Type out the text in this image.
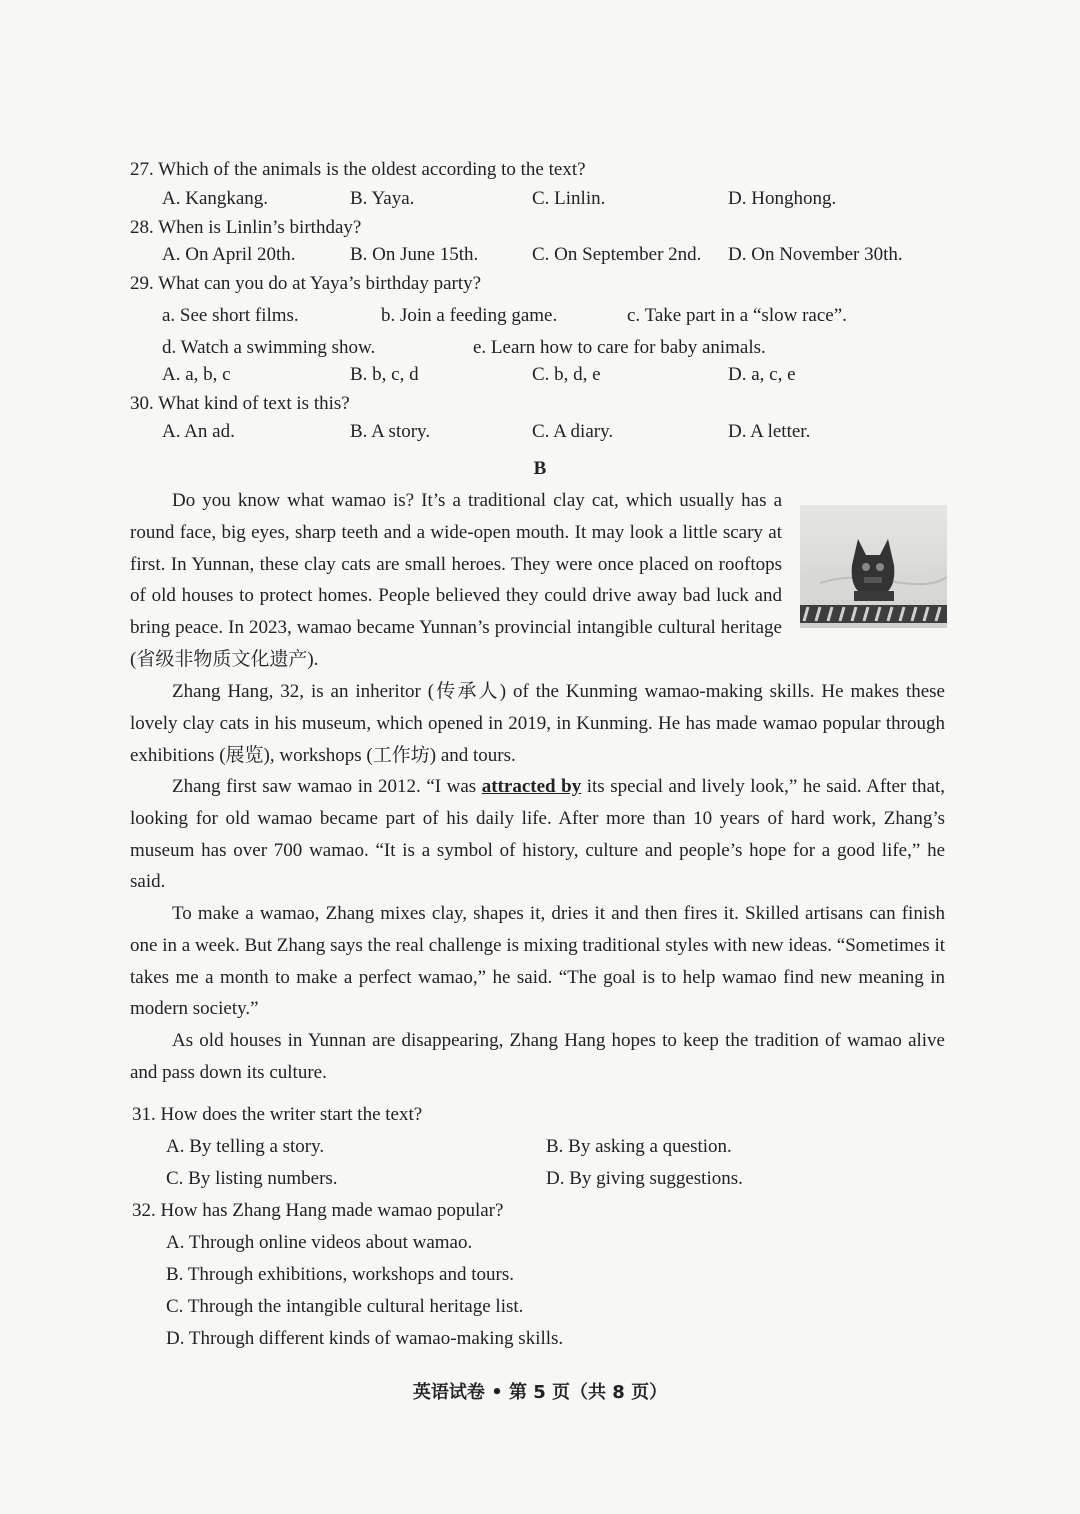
27. Which of the animals is the oldest according to the text?
A. Kangkang.	B. Yaya.	C. Linlin.	D. Honghong.
28. When is Linlin’s birthday?
A. On April 20th.	B. On June 15th.	C. On September 2nd. D. On November 30th.
29. What can you do at Yaya’s birthday party?
a. See short films.	b. Join a feeding game.	c. Take part in a “slow race”.
d. Watch a swimming show.	e. Learn how to care for baby animals.
A. a, b, c	B. b, c, d	C. b, d, e	D. a, c, e
30. What kind of text is this?
A. An ad.	B. A story.	C. A diary.	D. A letter.
B

Do you know what wamao is? It’s a traditional clay cat, which usually has a round face, big eyes, sharp teeth and a wide-open mouth. It may look a little scary at first. In Yunnan, these clay cats are small heroes. They were once placed on rooftops of old houses to protect homes. People believed they could drive away bad luck and bring peace. In 2023, wamao became Yunnan’s provincial intangible cultural heritage (省级非物质文化遗产).

Zhang Hang, 32, is an inheritor (传承人) of the Kunming wamao-making skills. He makes these lovely clay cats in his museum, which opened in 2019, in Kunming. He has made wamao popular through exhibitions (展览), workshops (工作坊) and tours.

Zhang first saw wamao in 2012. “I was attracted by its special and lively look,” he said. After that, looking for old wamao became part of his daily life. After more than 10 years of hard work, Zhang’s museum has over 700 wamao. “It is a symbol of history, culture and people’s hope for a good life,” he said.

To make a wamao, Zhang mixes clay, shapes it, dries it and then fires it. Skilled artisans can finish one in a week. But Zhang says the real challenge is mixing traditional styles with new ideas. “Sometimes it takes me a month to make a perfect wamao,” he said. “The goal is to help wamao find new meaning in modern society.”

As old houses in Yunnan are disappearing, Zhang Hang hopes to keep the tradition of wamao alive and pass down its culture.

31. How does the writer start the text?
A. By telling a story.	B. By asking a question.
C. By listing numbers.	D. By giving suggestions.
32. How has Zhang Hang made wamao popular?
A. Through online videos about wamao.
B. Through exhibitions, workshops and tours.
C. Through the intangible cultural heritage list.
D. Through different kinds of wamao-making skills.
英语试卷 • 第 5 页（共 8 页）
